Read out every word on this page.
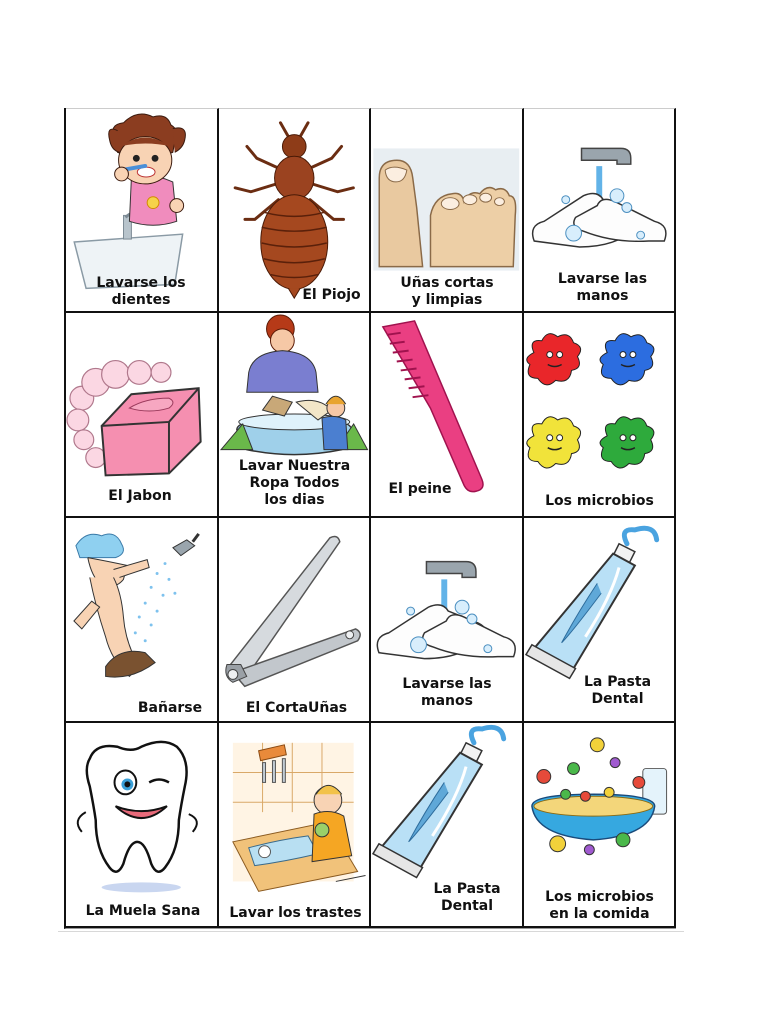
Lavarse los
dientes	El Piojo
Uñas cortas
y limpias
Lavarse las
manos
El Jabon
Lavar Nuestra
Ropa Todos
los dias
El peine
Los microbios
Bañarse	El CortaUñas
Lavarse las
manos
La Pasta
Dental
La Muela Sana	Lavar los trastes
La Pasta
Dental
Los microbios
en la comida
